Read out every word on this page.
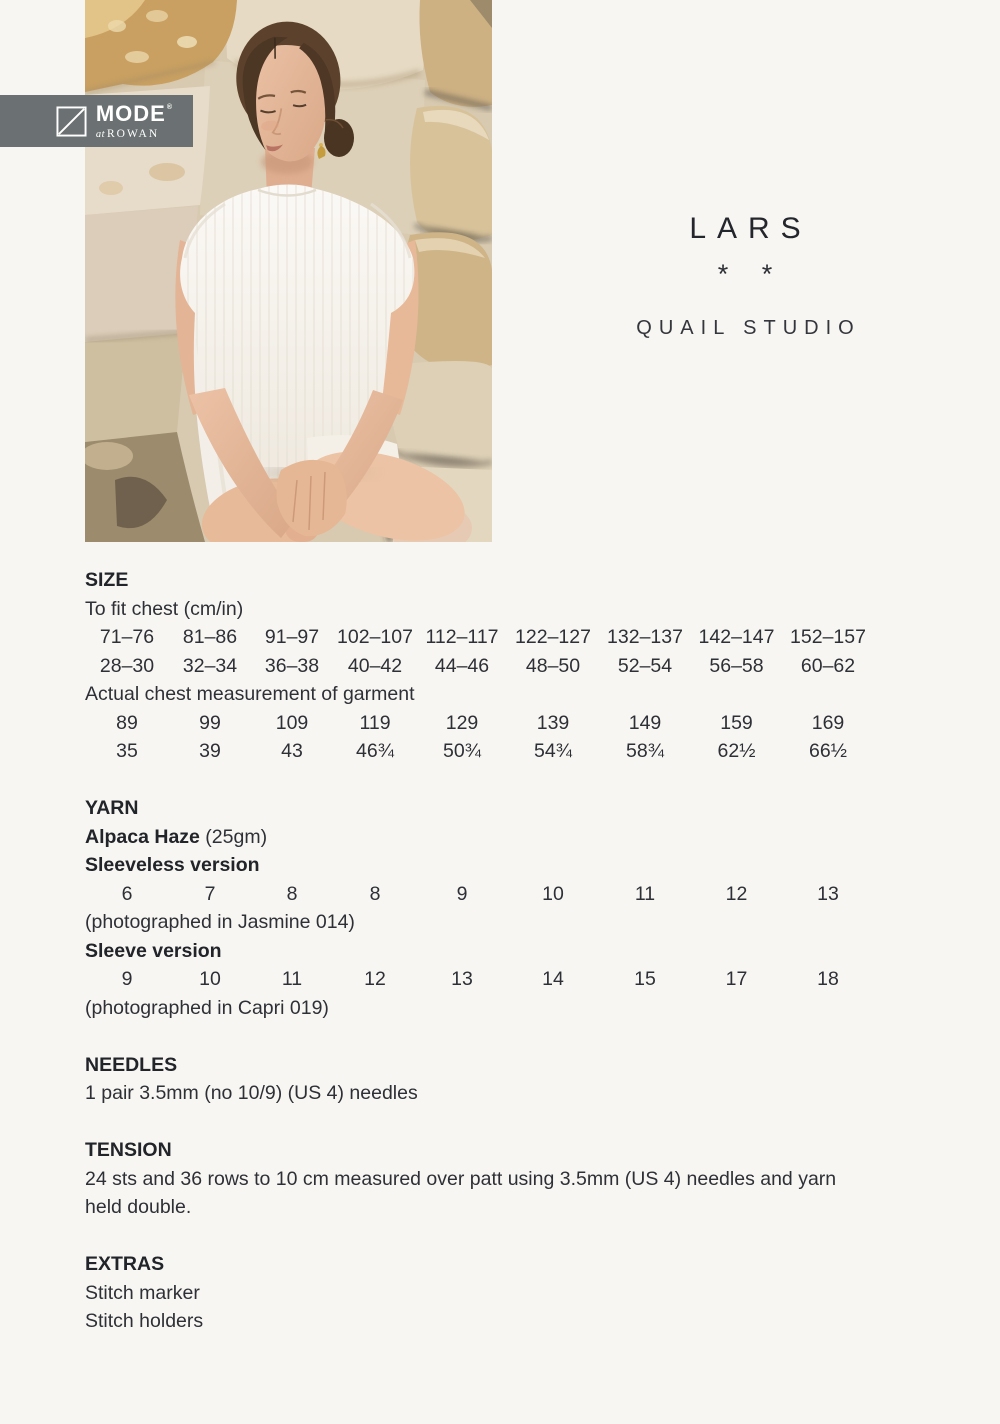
MODE®
at ROWAN
LARS
* *
QUAIL STUDIO
SIZE
To fit chest (cm/in)
71–76	81–86	91–97 102–107 112–117 122–127 132–137 142–147 152–157
28–30	32–34	36–38	40–42	44–46	48–50	52–54	56–58	60–62
Actual chest measurement of garment
89	99	109	119	129	139	149	159	169
35	39	43	46¾	50¾	54¾	58¾	62½	66½
YARN
Alpaca Haze (25gm)
Sleeveless version
6	7	8	8	9	10	11	12	13
(photographed in Jasmine 014)
Sleeve version
9	10	11	12	13	14	15	17	18
(photographed in Capri 019)
NEEDLES
1 pair 3.5mm (no 10/9) (US 4) needles
TENSION
24 sts and 36 rows to 10 cm measured over patt using 3.5mm (US 4) needles and yarn
held double.
EXTRAS
Stitch marker
Stitch holders
